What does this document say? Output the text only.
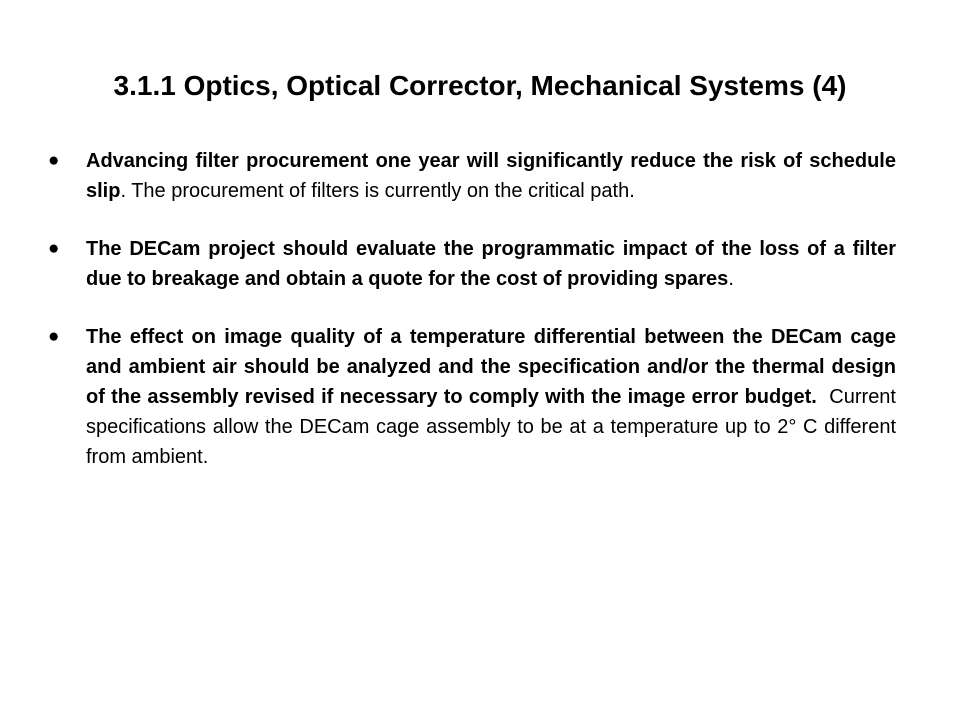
3.1.1 Optics, Optical Corrector, Mechanical Systems (4)
●	Advancing filter procurement one year will significantly reduce the risk of schedule slip. The procurement of filters is currently on the critical path.
●	The DECam project should evaluate the programmatic impact of the loss of a filter due to breakage and obtain a quote for the cost of providing spares.
●	The effect on image quality of a temperature differential between the DECam cage and ambient air should be analyzed and the specification and/or the thermal design of the assembly revised if necessary to comply with the image error budget.  Current specifications allow the DECam cage assembly to be at a temperature up to 2° C different from ambient.
